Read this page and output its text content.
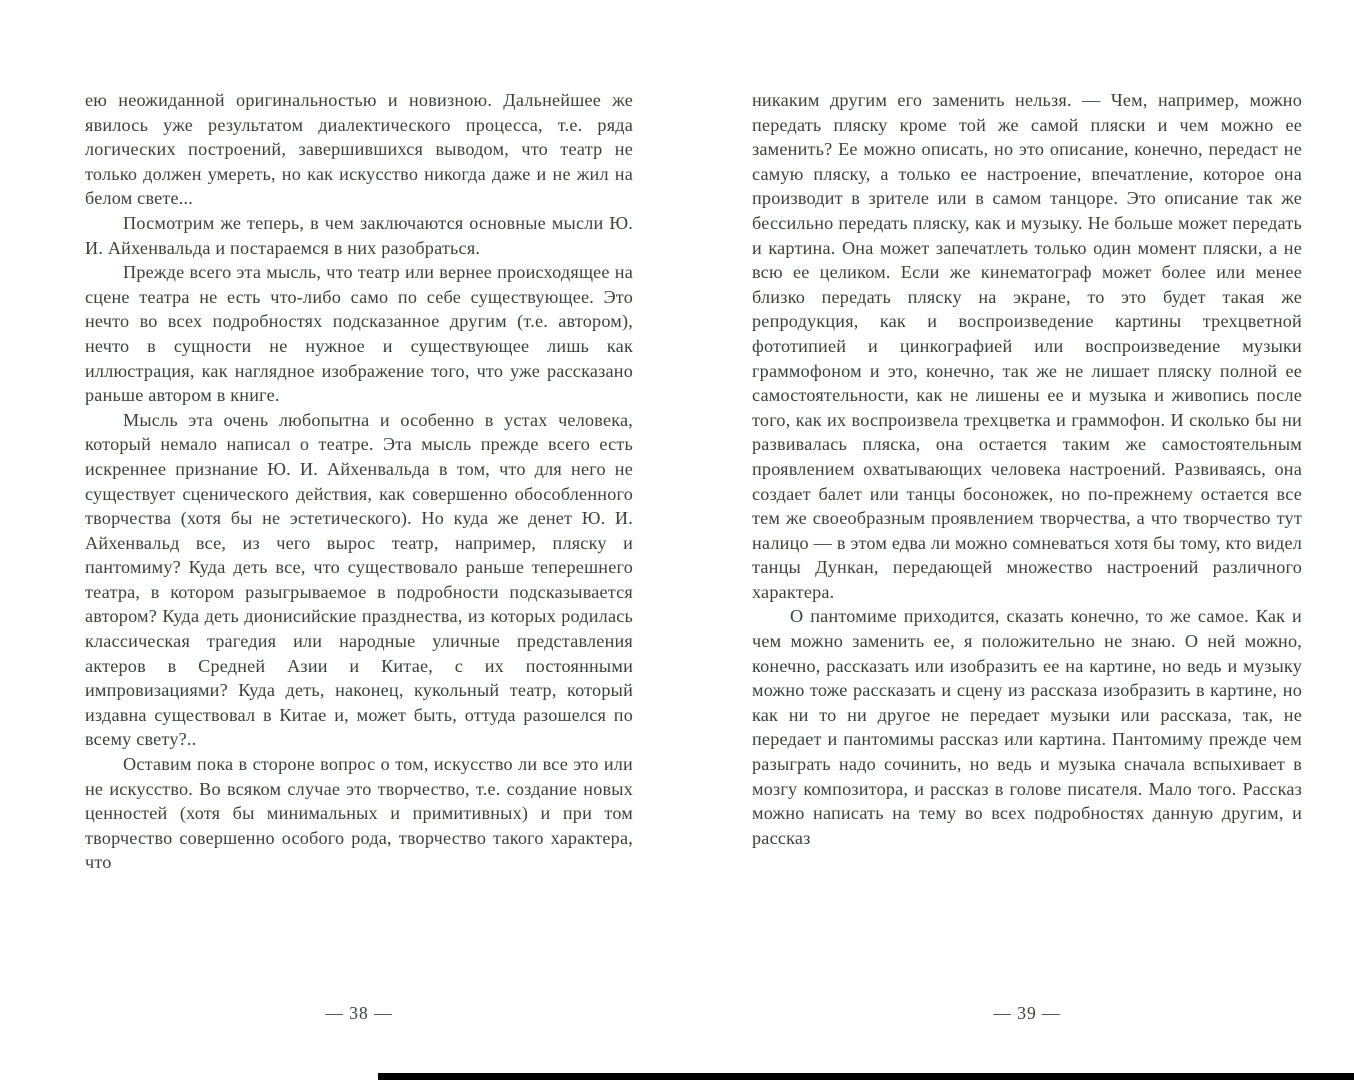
ею неожиданной оригинальностью и новизною. Дальнейшее же явилось уже результатом диалектического процесса, т.е. ряда логических построений, завершившихся выводом, что театр не только должен умереть, но как искусство никогда даже и не жил на белом свете...

Посмотрим же теперь, в чем заключаются основные мысли Ю. И. Айхенвальда и постараемся в них разобраться.

Прежде всего эта мысль, что театр или вернее происходящее на сцене театра не есть что-либо само по себе существующее. Это нечто во всех подробностях подсказанное другим (т.е. автором), нечто в сущности не нужное и существующее лишь как иллюстрация, как наглядное изображение того, что уже рассказано раньше автором в книге.

Мысль эта очень любопытна и особенно в устах человека, который немало написал о театре. Эта мысль прежде всего есть искреннее признание Ю. И. Айхенвальда в том, что для него не существует сценического действия, как совершенно обособленного творчества (хотя бы не эстетического). Но куда же денет Ю. И. Айхенвальд все, из чего вырос театр, например, пляску и пантомиму? Куда деть все, что существовало раньше теперешнего театра, в котором разыгрываемое в подробности подсказывается автором? Куда деть дионисийские празднества, из которых родилась классическая трагедия или народные уличные представления актеров в Средней Азии и Китае, с их постоянными импровизациями? Куда деть, наконец, кукольный театр, который издавна существовал в Китае и, может быть, оттуда разошелся по всему свету?..

Оставим пока в стороне вопрос о том, искусство ли все это или не искусство. Во всяком случае это творчество, т.е. создание новых ценностей (хотя бы минимальных и примитивных) и при том творчество совершенно особого рода, творчество такого характера, что

— 38 —

никаким другим его заменить нельзя. — Чем, например, можно передать пляску кроме той же самой пляски и чем можно ее заменить? Ее можно описать, но это описание, конечно, передаст не самую пляску, а только ее настроение, впечатление, которое она производит в зрителе или в самом танцоре. Это описание так же бессильно передать пляску, как и музыку. Не больше может передать и картина. Она может запечатлеть только один момент пляски, а не всю ее целиком. Если же кинематограф может более или менее близко передать пляску на экране, то это будет такая же репродукция, как и воспроизведение картины трехцветной фототипией и цинкографией или воспроизведение музыки граммофоном и это, конечно, так же не лишает пляску полной ее самостоятельности, как не лишены ее и музыка и живопись после того, как их воспроизвела трехцветка и граммофон. И сколько бы ни развивалась пляска, она остается таким же самостоятельным проявлением охватывающих человека настроений. Развиваясь, она создает балет или танцы босоножек, но по-прежнему остается все тем же своеобразным проявлением творчества, а что творчество тут налицо — в этом едва ли можно сомневаться хотя бы тому, кто видел танцы Дункан, передающей множество настроений различного характера.

О пантомиме приходится, сказать конечно, то же самое. Как и чем можно заменить ее, я положительно не знаю. О ней можно, конечно, рассказать или изобразить ее на картине, но ведь и музыку можно тоже рассказать и сцену из рассказа изобразить в картине, но как ни то ни другое не передает музыки или рассказа, так, не передает и пантомимы рассказ или картина. Пантомиму прежде чем разыграть надо сочинить, но ведь и музыка сначала вспыхивает в мозгу композитора, и рассказ в голове писателя. Мало того. Рассказ можно написать на тему во всех подробностях данную другим, и рассказ

— 39 —
